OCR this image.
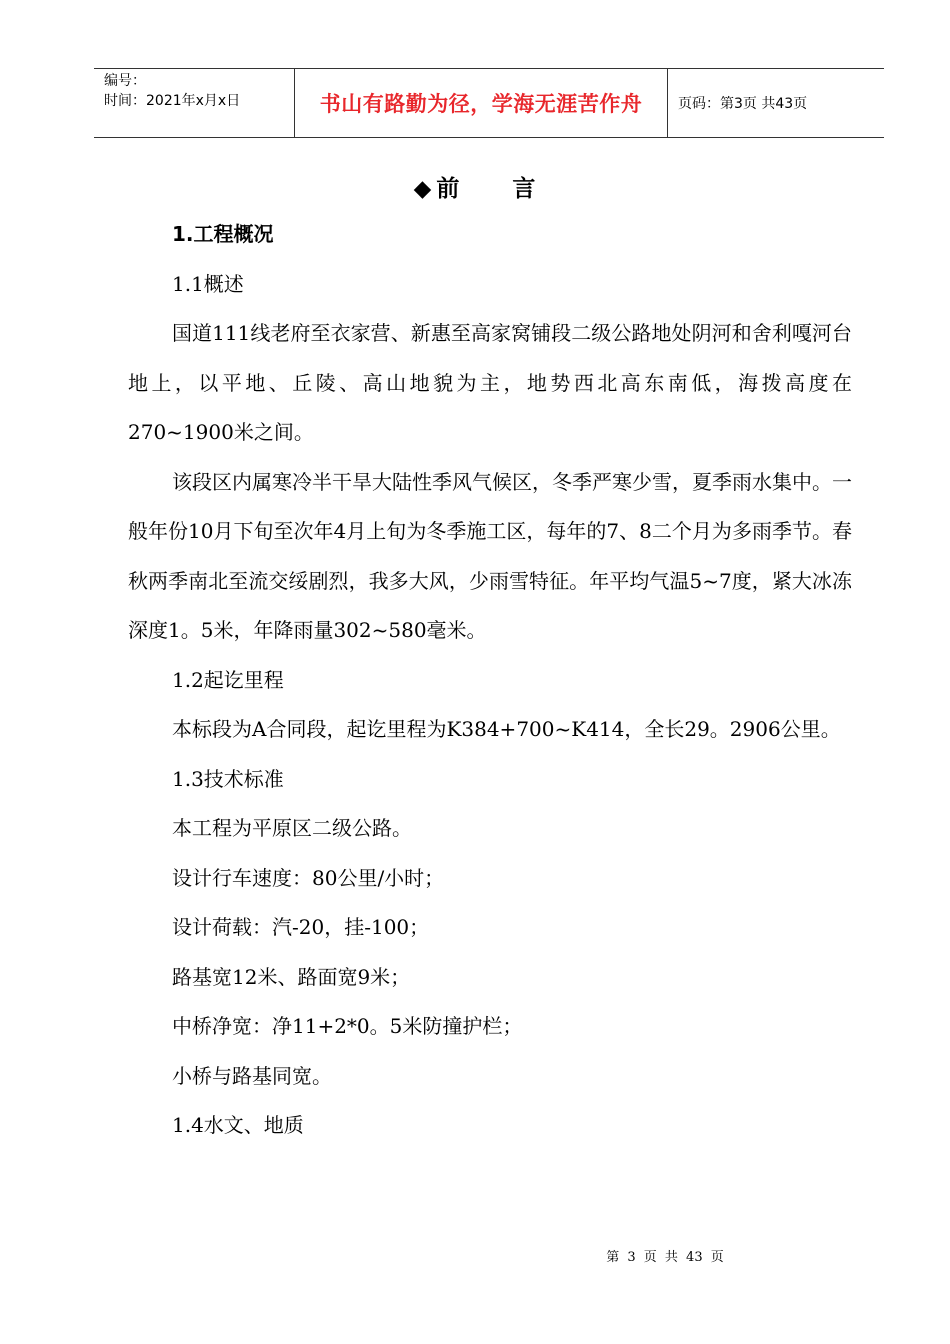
编号：
时间：2021年x月x日	书山有路勤为径，学海无涯苦作舟	页码：第3页 共43页
◆ 前 言

1.工程概况

1.1概述

国道111线老府至衣家营、新惠至高家窝铺段二级公路地处阴河和舍利嘎河台地上，以平地、丘陵、高山地貌为主，地势西北高东南低，海拨高度在270~1900米之间。

该段区内属寒冷半干旱大陆性季风气候区，冬季严寒少雪，夏季雨水集中。一般年份10月下旬至次年4月上旬为冬季施工区，每年的7、8二个月为多雨季节。春秋两季南北至流交绥剧烈，我多大风，少雨雪特征。年平均气温5~7度，紧大冰冻深度1。5米，年降雨量302~580毫米。

1.2起讫里程

本标段为A合同段，起讫里程为K384+700~K414，全长29。2906公里。

1.3技术标准

本工程为平原区二级公路。

设计行车速度：80公里/小时；

设计荷载：汽-20，挂-100；

路基宽12米、路面宽9米；

中桥净宽：净11+2*0。5米防撞护栏；

小桥与路基同宽。

1.4水文、地质

第 3 页 共 43 页
